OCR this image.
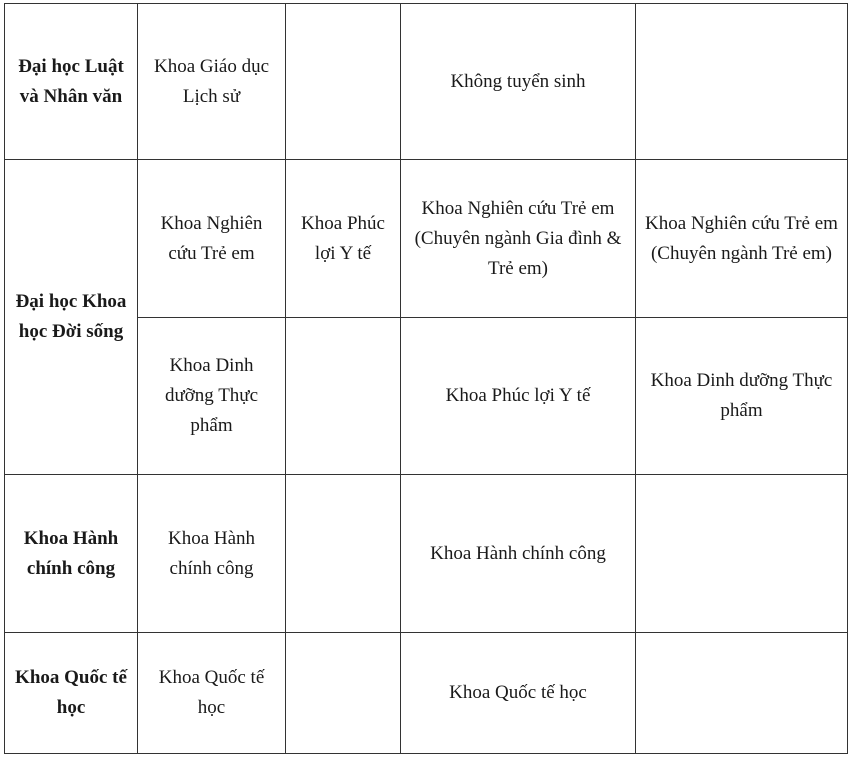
Đại học Luật và Nhân văn	Khoa Giáo dục Lịch sử		Không tuyển sinh	
Đại học Khoa học Đời sống	Khoa Nghiên cứu Trẻ em	Khoa Phúc lợi Y tế	Khoa Nghiên cứu Trẻ em (Chuyên ngành Gia đình & Trẻ em)	Khoa Nghiên cứu Trẻ em (Chuyên ngành Trẻ em)
	Khoa Dinh dưỡng Thực phẩm		Khoa Phúc lợi Y tế	Khoa Dinh dưỡng Thực phẩm
Khoa Hành chính công	Khoa Hành chính công		Khoa Hành chính công	
Khoa Quốc tế học	Khoa Quốc tế học		Khoa Quốc tế học	
